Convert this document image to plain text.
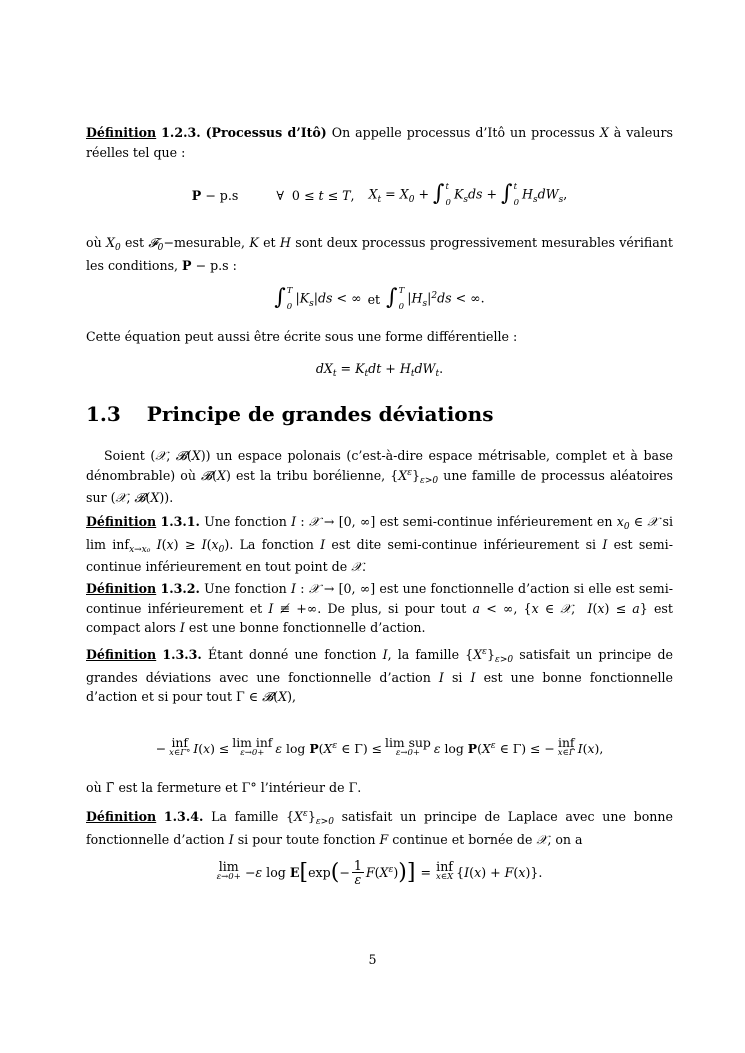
Définition 1.2.3. (Processus d’Itô) On appelle processus d’Itô un processus X à valeurs réelles tel que :

P − p.s	∀  0 ≤ t ≤ T, $X_t = X_0$ + ∫ t
0
$K_sds$ + ∫ t
0
$H_sdW_s$,

où $X_0$ est 𝓕$_0$−mesurable, K et H sont deux processus progressivement mesurables vérifiant les conditions, P − p.s :

∫ T
0
$|K_s|ds$ < ∞ et ∫ T
0
$|H_s|^2ds$ < ∞.

Cette équation peut aussi être écrite sous une forme différentielle :

$dX_t = K_tdt + H_tdW_t$.
1.3 Principe de grandes déviations

Soient (𝒳, 𝓑(X)) un espace polonais (c’est-à-dire espace métrisable, complet et à base dénombrable) où 𝓑(X) est la tribu borélienne, $\{X^\varepsilon\}_{\varepsilon>0}$ une famille de processus aléatoires sur (𝒳, 𝓑(X)).

Définition 1.3.1. Une fonction I : 𝒳 → [0, ∞] est semi-continue inférieurement en $x_0$ ∈ 𝒳 si lim inf$_{x\to x_0}$ $I(x) \ge I(x_0)$. La fonction I est dite semi-continue inférieurement si I est semi-continue inférieurement en tout point de 𝒳.

Définition 1.3.2. Une fonction I : 𝒳 → [0, ∞] est une fonctionnelle d’action si elle est semi-continue inférieurement et I ≢ +∞. De plus, si pour tout a < ∞, {x ∈ 𝒳,  I(x) ≤ a} est compact alors I est une bonne fonctionnelle d’action.

Définition 1.3.3. Étant donné une fonction I, la famille $\{X^\varepsilon\}_{\varepsilon>0}$ satisfait un principe de grandes déviations avec une fonctionnelle d’action I si I est une bonne fonctionnelle d’action et si pour tout Γ ∈ 𝓑(X),

− inf
x∈Γ° I(x) ≤ lim inf
ε→0+ ε $\log P(X^\varepsilon$ ∈ Γ) ≤ lim sup
ε→0+ ε $\log P(X^\varepsilon$ ∈ Γ) ≤ − inf
x∈Γ̄ I(x),

où Γ̄ est la fermeture et Γ° l’intérieur de Γ.

Définition 1.3.4. La famille $\{X^\varepsilon\}_{\varepsilon>0}$ satisfait un principe de Laplace avec une bonne fonctionnelle d’action I si pour toute fonction F continue et bornée de 𝒳, on a

lim
ε→0+ −ε log E [ exp ( − $\frac{1}{\varepsilon} F(X^\varepsilon)$ ) ] = inf
x∈X {I(x) + F(x)}.
5
